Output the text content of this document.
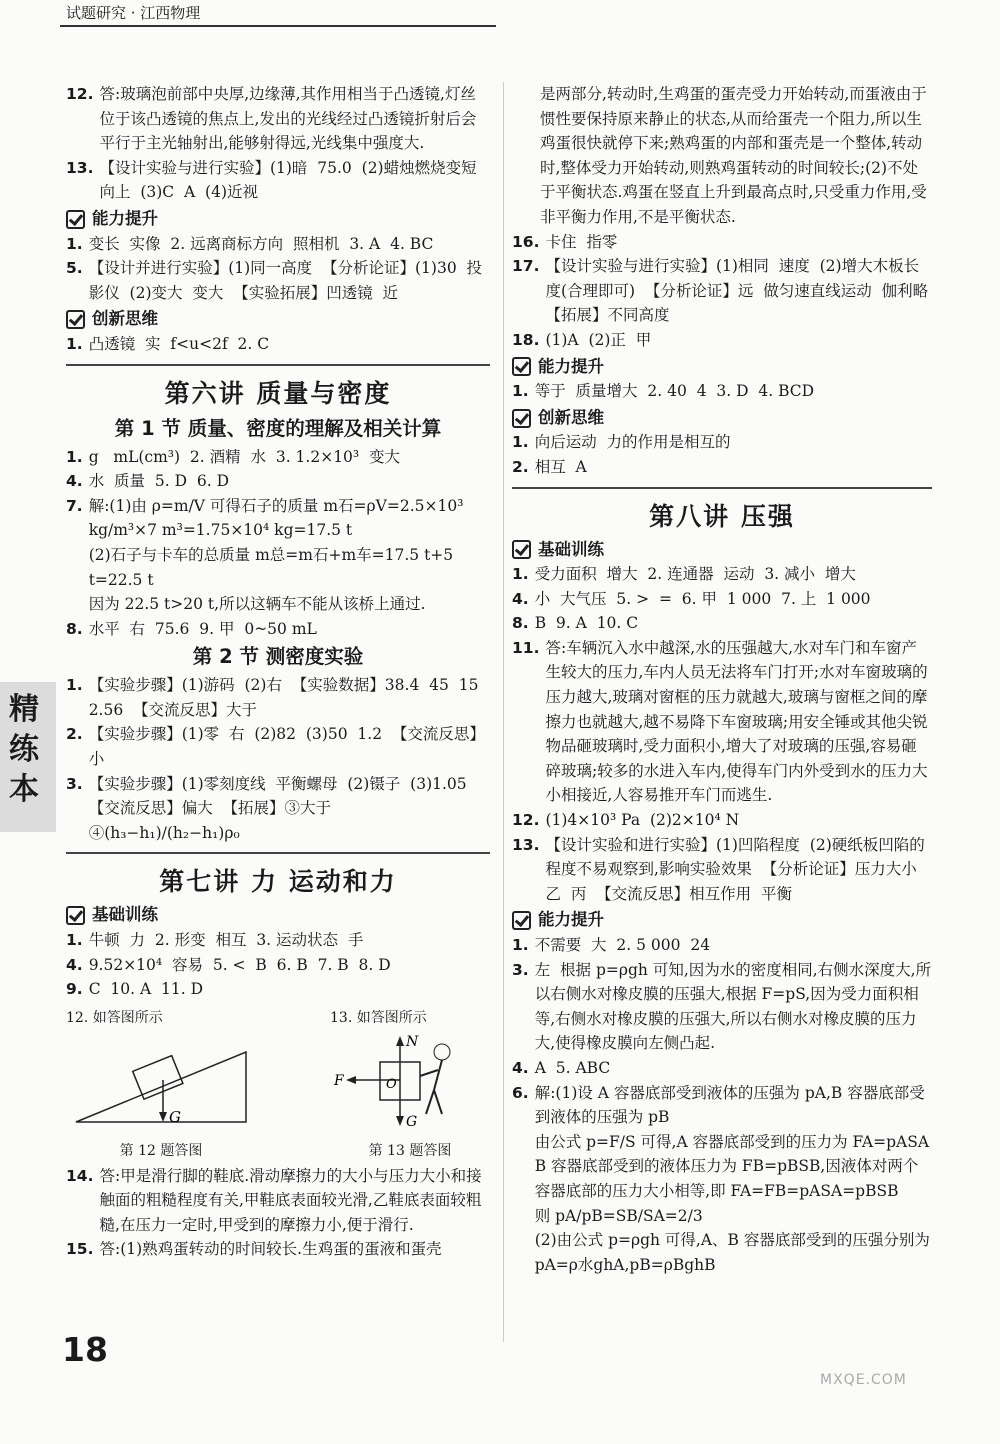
试题研究 · 江西物理
精练本
12. 答:玻璃泡前部中央厚,边缘薄,其作用相当于凸透镜,灯丝位于该凸透镜的焦点上,发出的光线经过凸透镜折射后会平行于主光轴射出,能够射得远,光线集中强度大.
13. 【设计实验与进行实验】(1)暗  75.0  (2)蜡烛燃烧变短  向上  (3)C  A  (4)近视
能力提升
1. 变长  实像  2. 远离商标方向  照相机  3. A  4. BC
5. 【设计并进行实验】(1)同一高度  【分析论证】(1)30  投影仪  (2)变大  变大  【实验拓展】凹透镜  近
创新思维
1. 凸透镜  实  f<u<2f  2. C
第六讲 质量与密度
第 1 节 质量、密度的理解及相关计算
1. g   mL(cm³)  2. 酒精  水  3. 1.2×10³  变大
4. 水  质量  5. D  6. D
7. 解:(1)由 ρ=m/V 可得石子的质量 m石=ρV=2.5×10³ kg/m³×7 m³=1.75×10⁴ kg=17.5 t
(2)石子与卡车的总质量 m总=m石+m车=17.5 t+5 t=22.5 t
因为 22.5 t>20 t,所以这辆车不能从该桥上通过.
8. 水平  右  75.6  9. 甲  0~50 mL
第 2 节 测密度实验
1. 【实验步骤】(1)游码  (2)右  【实验数据】38.4  45  15  2.56  【交流反思】大于
2. 【实验步骤】(1)零  右  (2)82  (3)50  1.2  【交流反思】小
3. 【实验步骤】(1)零刻度线  平衡螺母  (2)镊子  (3)1.05  【交流反思】偏大  【拓展】③大于  ④(h₃−h₁)/(h₂−h₁)ρ₀
第七讲 力 运动和力
基础训练
1. 牛顿  力  2. 形变  相互  3. 运动状态  手
4. 9.52×10⁴  容易  5. <  B  6. B  7. B  8. D
9. C  10. A  11. D
12. 如答图所示
G
第 12 题答图
13. 如答图所示
N
F	O
G
第 13 题答图
14. 答:甲是滑行脚的鞋底.滑动摩擦力的大小与压力大小和接触面的粗糙程度有关,甲鞋底表面较光滑,乙鞋底表面较粗糙,在压力一定时,甲受到的摩擦力小,便于滑行.
15. 答:(1)熟鸡蛋转动的时间较长.生鸡蛋的蛋液和蛋壳
是两部分,转动时,生鸡蛋的蛋壳受力开始转动,而蛋液由于惯性要保持原来静止的状态,从而给蛋壳一个阻力,所以生鸡蛋很快就停下来;熟鸡蛋的内部和蛋壳是一个整体,转动时,整体受力开始转动,则熟鸡蛋转动的时间较长;(2)不处于平衡状态.鸡蛋在竖直上升到最高点时,只受重力作用,受非平衡力作用,不是平衡状态.
16. 卡住  指零
17. 【设计实验与进行实验】(1)相同  速度  (2)增大木板长度(合理即可)  【分析论证】远  做匀速直线运动  伽利略  【拓展】不同高度
18. (1)A  (2)正  甲
能力提升
1. 等于  质量增大  2. 40  4  3. D  4. BCD
创新思维
1. 向后运动  力的作用是相互的
2. 相互  A
第八讲 压强
基础训练
1. 受力面积  增大  2. 连通器  运动  3. 减小  增大
4. 小  大气压  5. >  =  6. 甲  1 000  7. 上  1 000
8. B  9. A  10. C
11. 答:车辆沉入水中越深,水的压强越大,水对车门和车窗产生较大的压力,车内人员无法将车门打开;水对车窗玻璃的压力越大,玻璃对窗框的压力就越大,玻璃与窗框之间的摩擦力也就越大,越不易降下车窗玻璃;用安全锤或其他尖锐物品砸玻璃时,受力面积小,增大了对玻璃的压强,容易砸碎玻璃;较多的水进入车内,使得车门内外受到水的压力大小相接近,人容易推开车门而逃生.
12. (1)4×10³ Pa  (2)2×10⁴ N
13. 【设计实验和进行实验】(1)凹陷程度  (2)硬纸板凹陷的程度不易观察到,影响实验效果  【分析论证】压力大小  乙  丙  【交流反思】相互作用  平衡
能力提升
1. 不需要  大  2. 5 000  24
3. 左  根据 p=ρgh 可知,因为水的密度相同,右侧水深度大,所以右侧水对橡皮膜的压强大,根据 F=pS,因为受力面积相等,右侧水对橡皮膜的压强大,所以右侧水对橡皮膜的压力大,使得橡皮膜向左侧凸起.
4. A  5. ABC
6. 解:(1)设 A 容器底部受到液体的压强为 pA,B 容器底部受到液体的压强为 pB
由公式 p=F/S 可得,A 容器底部受到的压力为 FA=pASA
B 容器底部受到的液体压力为 FB=pBSB,因液体对两个容器底部的压力大小相等,即 FA=FB=pASA=pBSB
则 pA/pB=SB/SA=2/3
(2)由公式 p=ρgh 可得,A、B 容器底部受到的压强分别为 pA=ρ水ghA,pB=ρBghB
18
MXQE.COM
